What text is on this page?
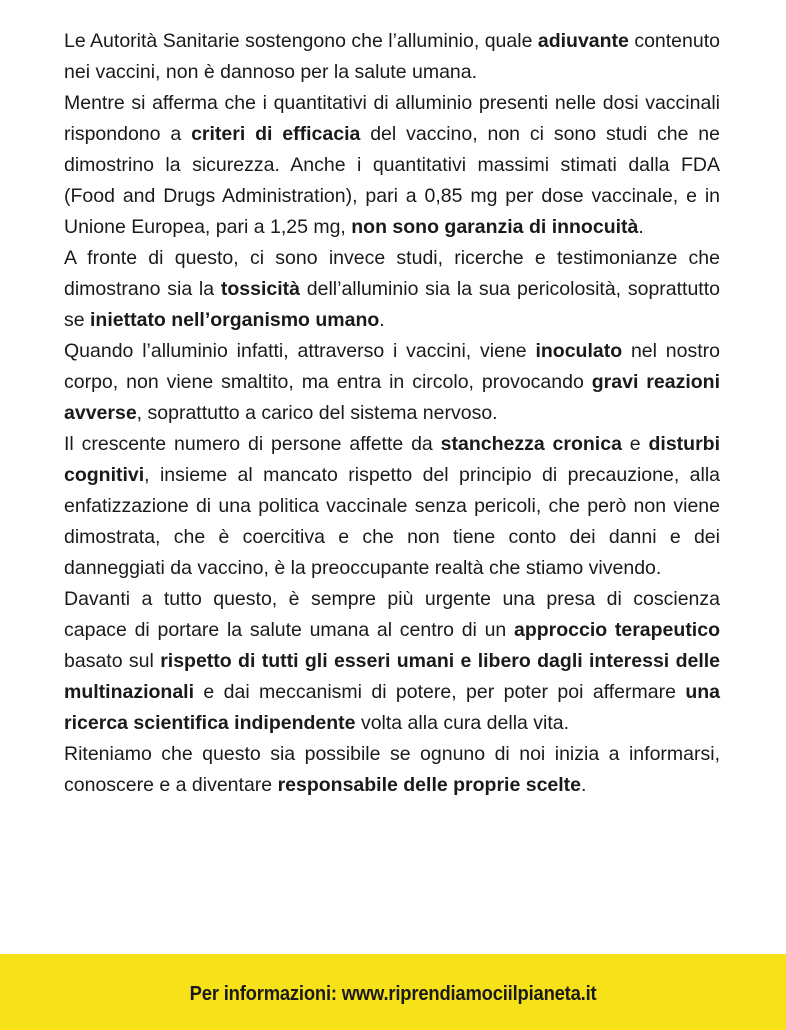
Le Autorità Sanitarie sostengono che l’alluminio, quale adiuvante contenuto nei vaccini, non è dannoso per la salute umana.

Mentre si afferma che i quantitativi di alluminio presenti nelle dosi vaccinali rispondono a criteri di efficacia del vaccino, non ci sono studi che ne dimostrino la sicurezza. Anche i quantitativi massimi stimati dalla FDA (Food and Drugs Administration), pari a 0,85 mg per dose vaccinale, e in Unione Europea, pari a 1,25 mg, non sono garanzia di innocuità.

A fronte di questo, ci sono invece studi, ricerche e testimonianze che dimostrano sia la tossicità dell’alluminio sia la sua pericolosità, soprattutto se iniettato nell’organismo umano.

Quando l’alluminio infatti, attraverso i vaccini, viene inoculato nel nostro corpo, non viene smaltito, ma entra in circolo, provocando gravi reazioni avverse, soprattutto a carico del sistema nervoso.

Il crescente numero di persone affette da stanchezza cronica e disturbi cognitivi, insieme al mancato rispetto del principio di precauzione, alla enfatizzazione di una politica vaccinale senza pericoli, che però non viene dimostrata, che è coercitiva e che non tiene conto dei danni e dei danneggiati da vaccino, è la preoccupante realtà che stiamo vivendo.

Davanti a tutto questo, è sempre più urgente una presa di coscienza capace di portare la salute umana al centro di un approccio terapeutico basato sul rispetto di tutti gli esseri umani e libero dagli interessi delle multinazionali e dai meccanismi di potere, per poter poi affermare una ricerca scientifica indipendente volta alla cura della vita.

Riteniamo che questo sia possibile se ognuno di noi inizia a informarsi, conoscere e a diventare responsabile delle proprie scelte.

Per informazioni: www.riprendiamociilpianeta.it
